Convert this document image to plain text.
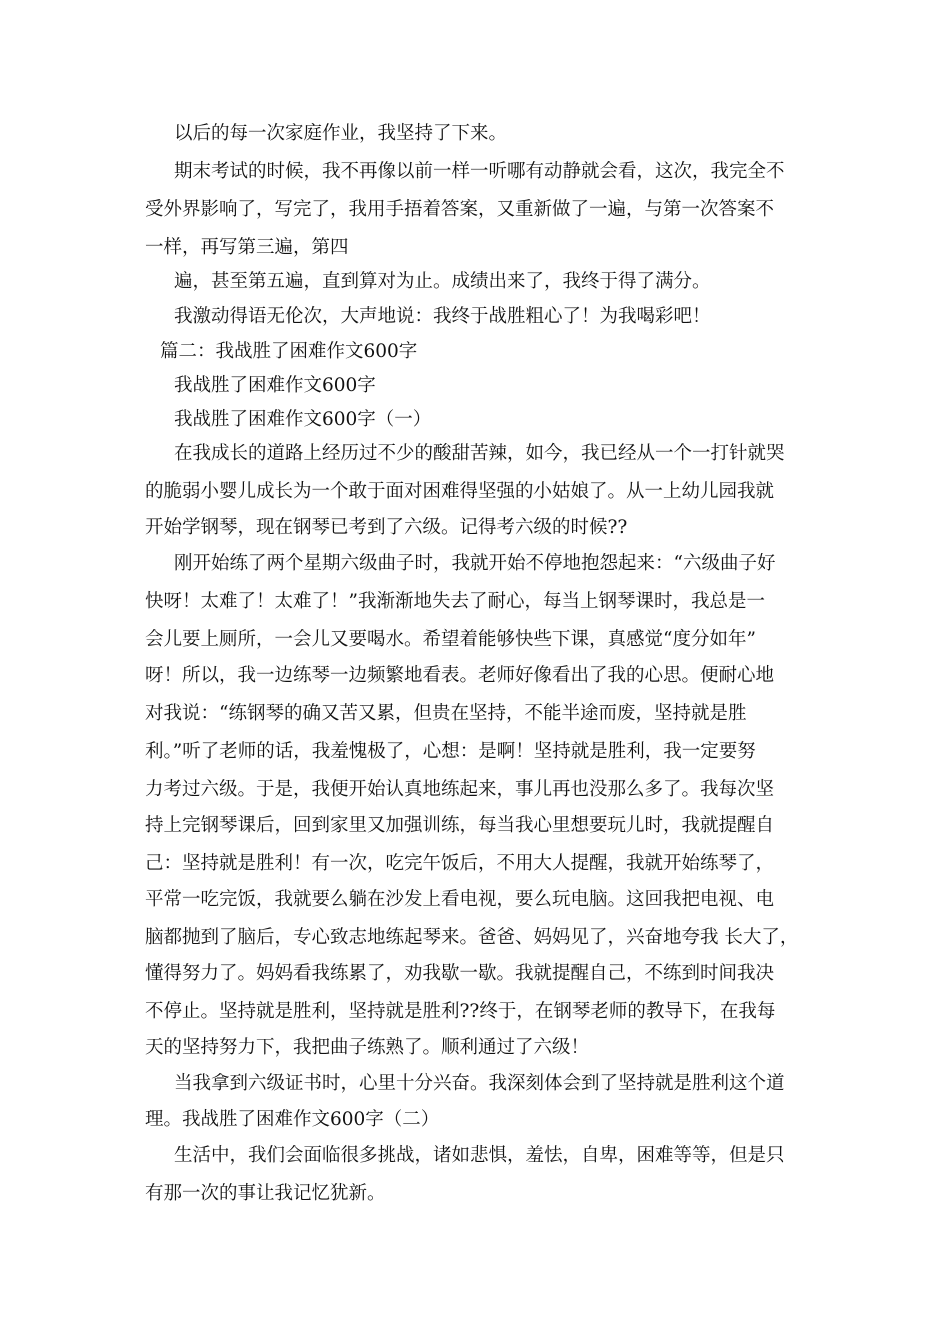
以后的每一次家庭作业，我坚持了下来。
期末考试的时候，我不再像以前一样一听哪有动静就会看，这次，我完全不
受外界影响了，写完了，我用手捂着答案，又重新做了一遍，与第一次答案不
一样，再写第三遍，第四
遍，甚至第五遍，直到算对为止。成绩出来了，我终于得了满分。
我激动得语无伦次，大声地说：我终于战胜粗心了！为我喝彩吧！
篇二：我战胜了困难作文600字
我战胜了困难作文600字
我战胜了困难作文600字（一）
在我成长的道路上经历过不少的酸甜苦辣，如今，我已经从一个一打针就哭
的脆弱小婴儿成长为一个敢于面对困难得坚强的小姑娘了。从一上幼儿园我就
开始学钢琴，现在钢琴已考到了六级。记得考六级的时候??
刚开始练了两个星期六级曲子时，我就开始不停地抱怨起来：“六级曲子好
快呀！太难了！太难了！”我渐渐地失去了耐心，每当上钢琴课时，我总是一
会儿要上厕所，一会儿又要喝水。希望着能够快些下课，真感觉“度分如年”
呀！所以，我一边练琴一边频繁地看表。老师好像看出了我的心思。便耐心地
对我说：“练钢琴的确又苦又累，但贵在坚持，不能半途而废，坚持就是胜
利。”听了老师的话，我羞愧极了，心想：是啊！坚持就是胜利，我一定要努
力考过六级。于是，我便开始认真地练起来，事儿再也没那么多了。我每次坚
持上完钢琴课后，回到家里又加强训练，每当我心里想要玩儿时，我就提醒自
己：坚持就是胜利！有一次，吃完午饭后，不用大人提醒，我就开始练琴了，
平常一吃完饭，我就要么躺在沙发上看电视，要么玩电脑。这回我把电视、电
脑都抛到了脑后，专心致志地练起琴来。爸爸、妈妈见了，兴奋地夸我 长大了，
懂得努力了。妈妈看我练累了，劝我歇一歇。我就提醒自己，不练到时间我决
不停止。坚持就是胜利，坚持就是胜利??终于，在钢琴老师的教导下，在我每
天的坚持努力下，我把曲子练熟了。顺利通过了六级！
当我拿到六级证书时，心里十分兴奋。我深刻体会到了坚持就是胜利这个道
理。我战胜了困难作文600字（二）
生活中，我们会面临很多挑战，诸如悲惧，羞怯，自卑，困难等等，但是只
有那一次的事让我记忆犹新。
